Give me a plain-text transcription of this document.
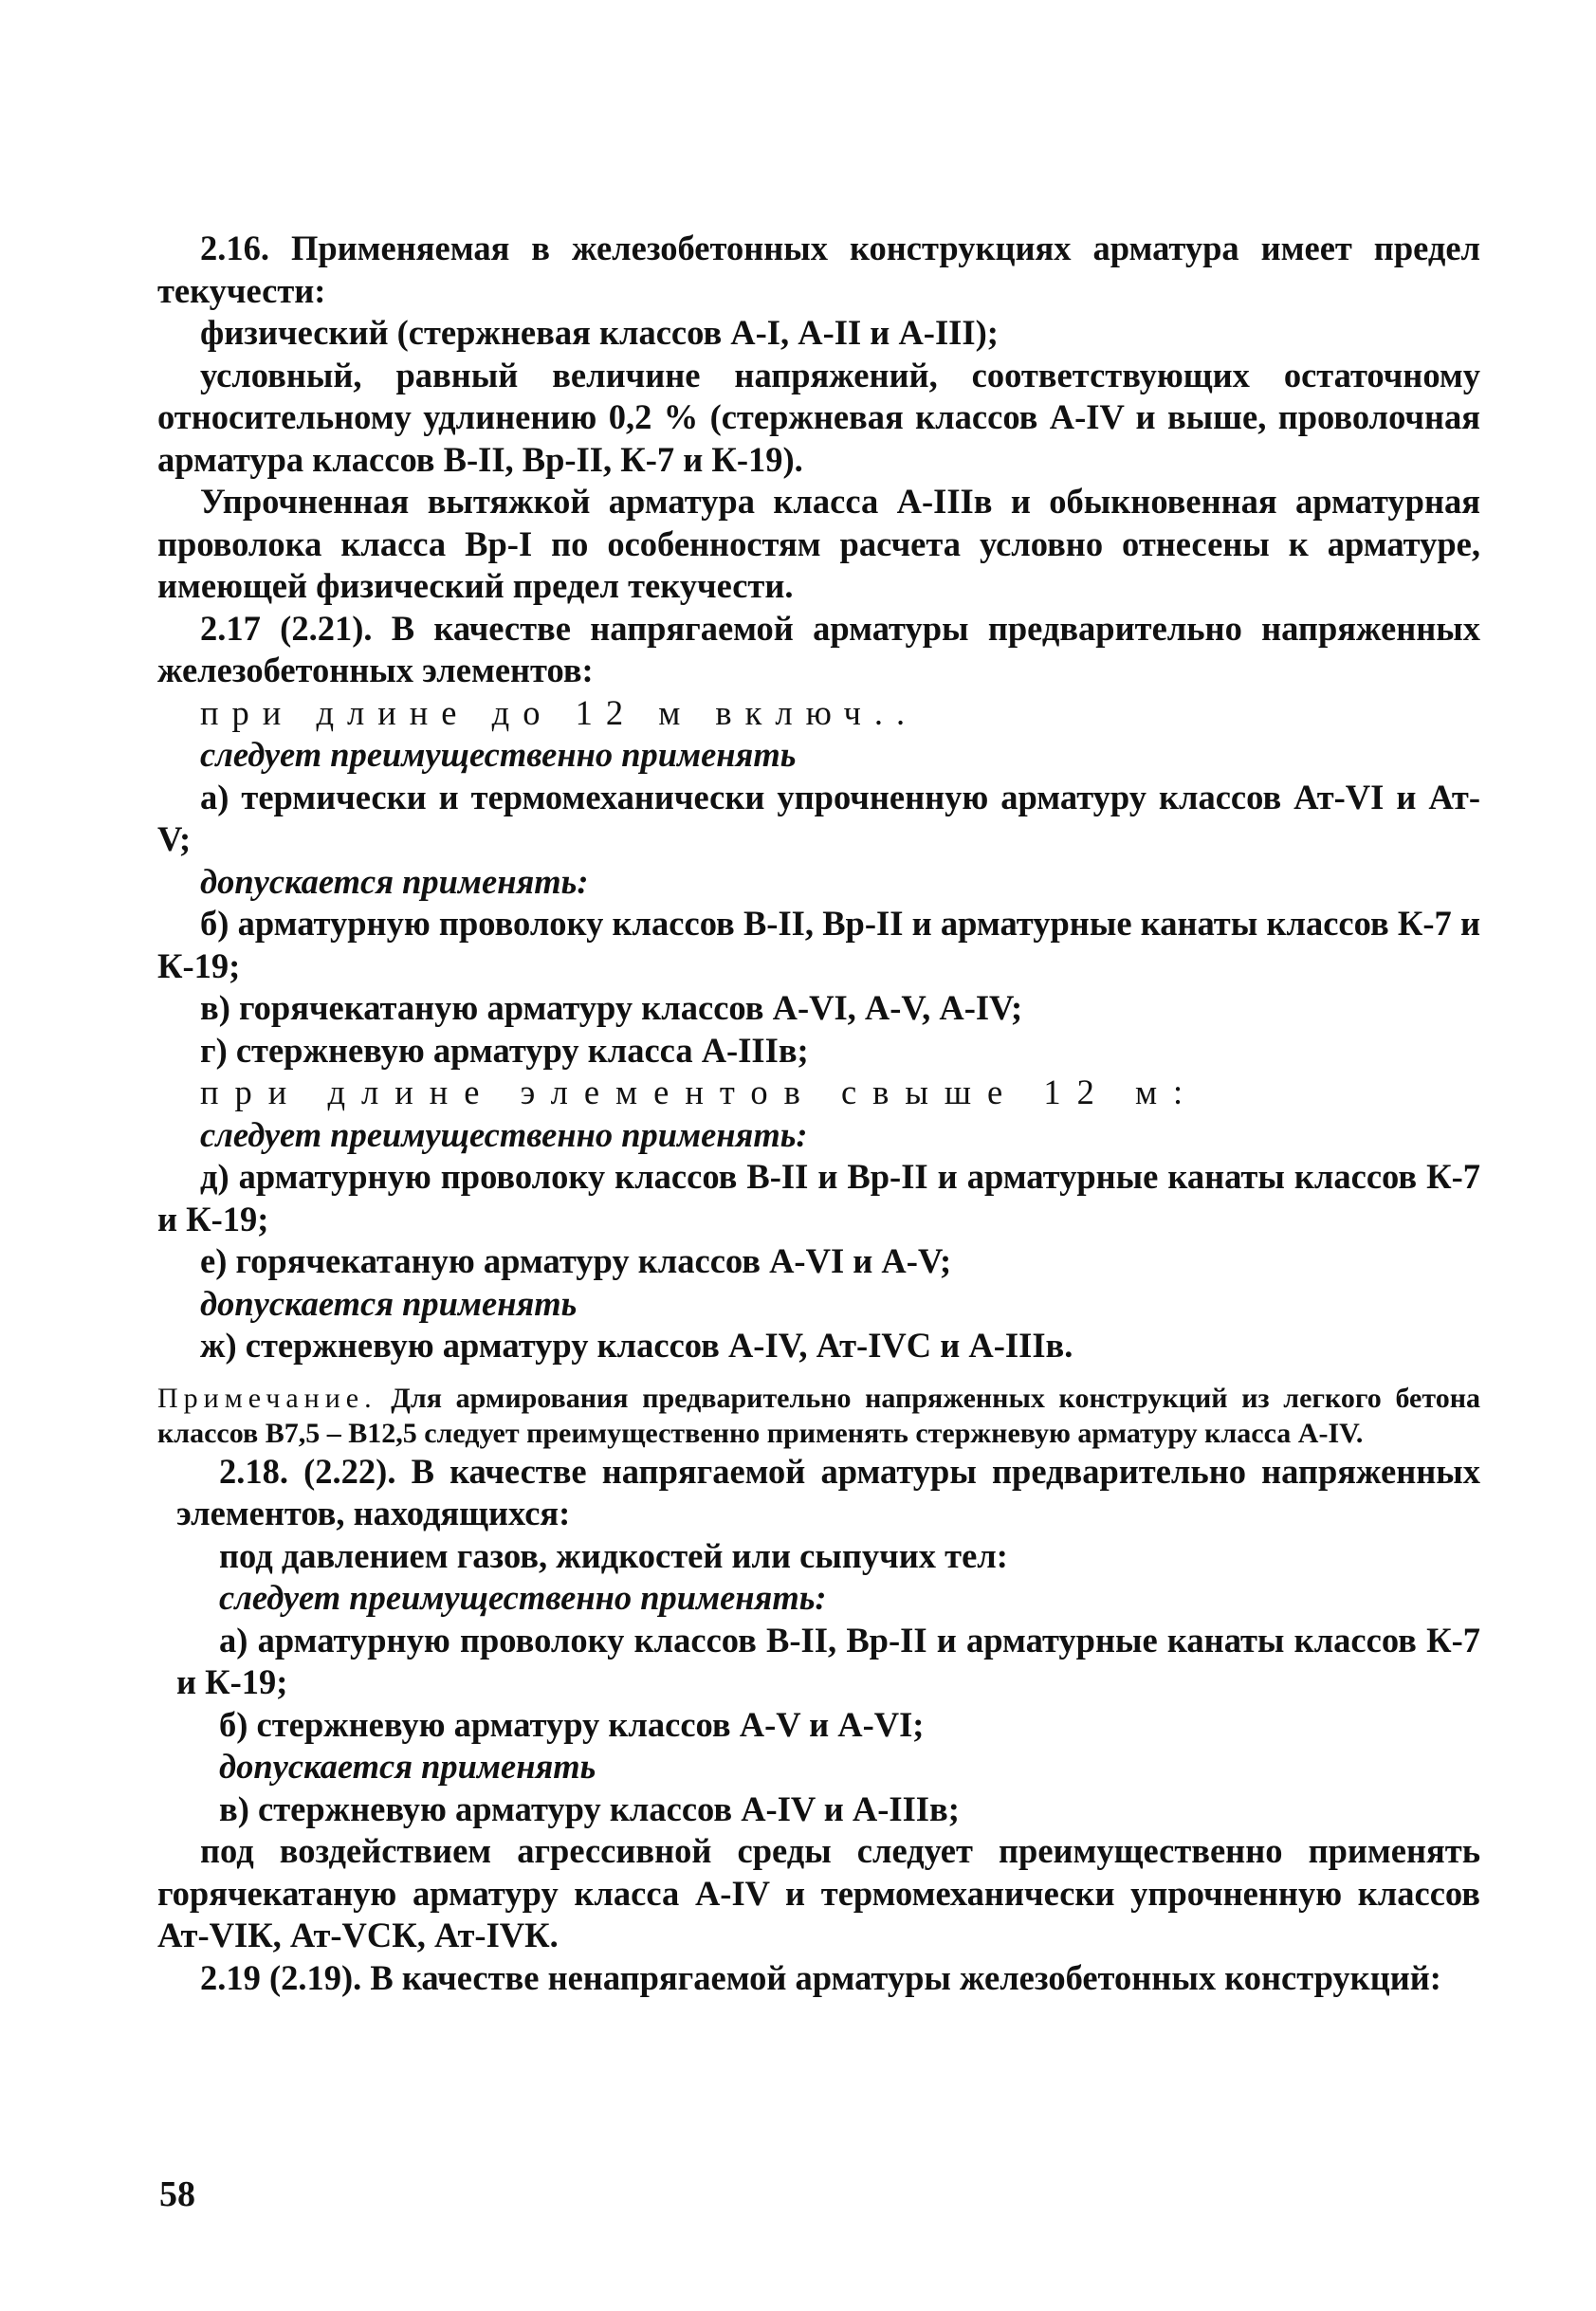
2.16. Применяемая в железобетонных конструкциях арматура имеет предел текучести:

физический (стержневая классов А-I, А-II и А-III);

условный, равный величине напряжений, соответствующих остаточному относительному удлинению 0,2 % (стержневая классов А-IV и выше, проволочная арматура классов В-II, Вр-II, К-7 и К-19).

Упрочненная вытяжкой арматура класса А-IIIв и обыкновенная арматурная проволока класса Вр-I по особенностям расчета условно отнесены к арматуре, имеющей физический предел текучести.

2.17 (2.21). В качестве напрягаемой арматуры предварительно напряженных железобетонных элементов:

при длине до 12 м включ..

следует преимущественно применять

а) термически и термомеханически упрочненную арматуру классов Ат-VI и Ат-V;

допускается применять:

б) арматурную проволоку классов В-II, Вр-II и арматурные канаты классов К-7 и К-19;

в) горячекатаную арматуру классов А-VI, А-V, А-IV;

г) стержневую арматуру класса А-IIIв;

при длине элементов свыше 12 м:

следует преимущественно применять:

д) арматурную проволоку классов В-II и Вр-II и арматурные канаты классов К-7 и К-19;

е) горячекатаную арматуру классов А-VI и А-V;

допускается применять

ж) стержневую арматуру классов А-IV, Ат-IVС и А-IIIв.

Примечание. Для армирования предварительно напряженных конструкций из легкого бетона классов В7,5 – В12,5 следует преимущественно применять стержневую арматуру класса А-IV.

2.18. (2.22). В качестве напрягаемой арматуры предварительно напряженных элементов, находящихся:

под давлением газов, жидкостей или сыпучих тел:

следует преимущественно применять:

а) арматурную проволоку классов В-II, Вр-II и арматурные канаты классов К-7 и К-19;

б) стержневую арматуру классов А-V и А-VI;

допускается применять

в) стержневую арматуру классов А-IV и А-IIIв;

под воздействием агрессивной среды следует преимущественно применять горячекатаную арматуру класса А-IV и термомеханически упрочненную классов Ат-VIК, Ат-VСК, Ат-IVК.

2.19 (2.19). В качестве ненапрягаемой арматуры железобетонных конструкций:

58
